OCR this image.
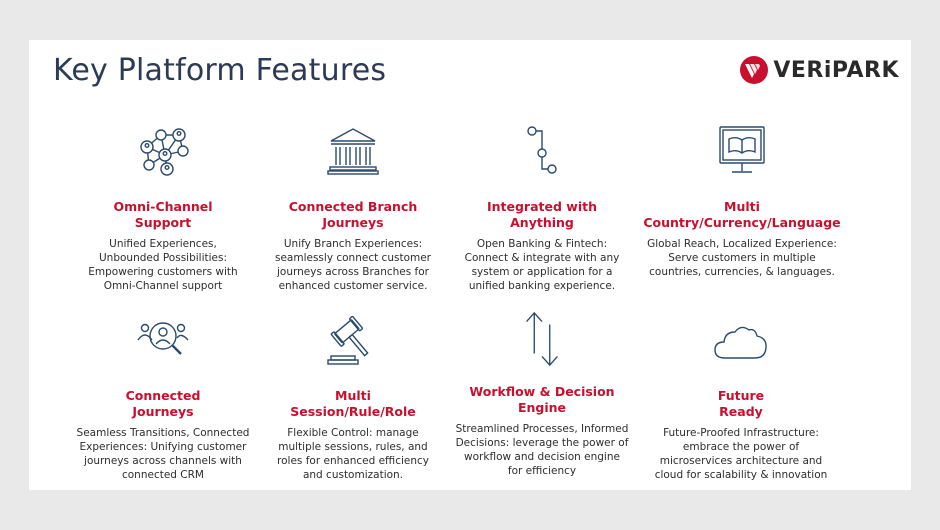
Key Platform Features	VERiPARK
Omni-Channel
Support
Unified Experiences,
Unbounded Possibilities:
Empowering customers with
Omni-Channel support
Connected Branch
Journeys
Unify Branch Experiences:
seamlessly connect customer
journeys across Branches for
enhanced customer service.
Integrated with
Anything
Open Banking & Fintech:
Connect & integrate with any
system or application for a
unified banking experience.
Multi
Country/Currency/Language
Global Reach, Localized Experience:
Serve customers in multiple
countries, currencies, & languages.
Connected
Journeys
Seamless Transitions, Connected
Experiences: Unifying customer
journeys across channels with
connected CRM
Multi
Session/Rule/Role
Flexible Control: manage
multiple sessions, rules, and
roles for enhanced efficiency
and customization.
Workflow & Decision
Engine
Streamlined Processes, Informed
Decisions: leverage the power of
workflow and decision engine
for efficiency
Future
Ready
Future-Proofed Infrastructure:
embrace the power of
microservices architecture and
cloud for scalability & innovation
